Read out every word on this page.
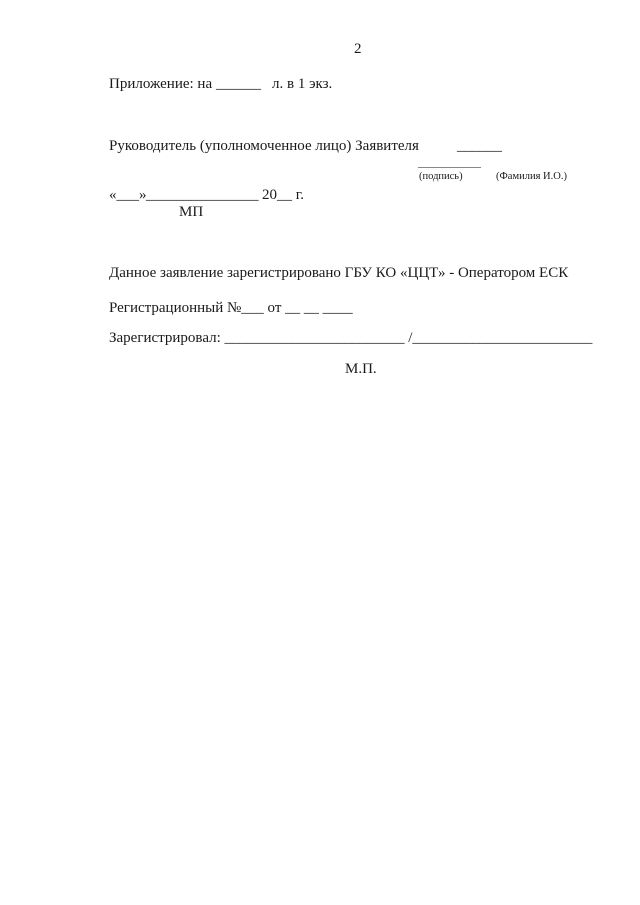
2
Приложение: на ______ л. в 1 экз.
Руководитель (уполномоченное лицо) Заявителя	______
____________
(подпись)	(Фамилия И.О.)
«___» _______________ 20__ г.
МП
Данное заявление зарегистрировано ГБУ КО «ЦЦТ» - Оператором ЕСК
Регистрационный №___ от __ __ ____
Зарегистрировал: ________________________ /________________________
М.П.
